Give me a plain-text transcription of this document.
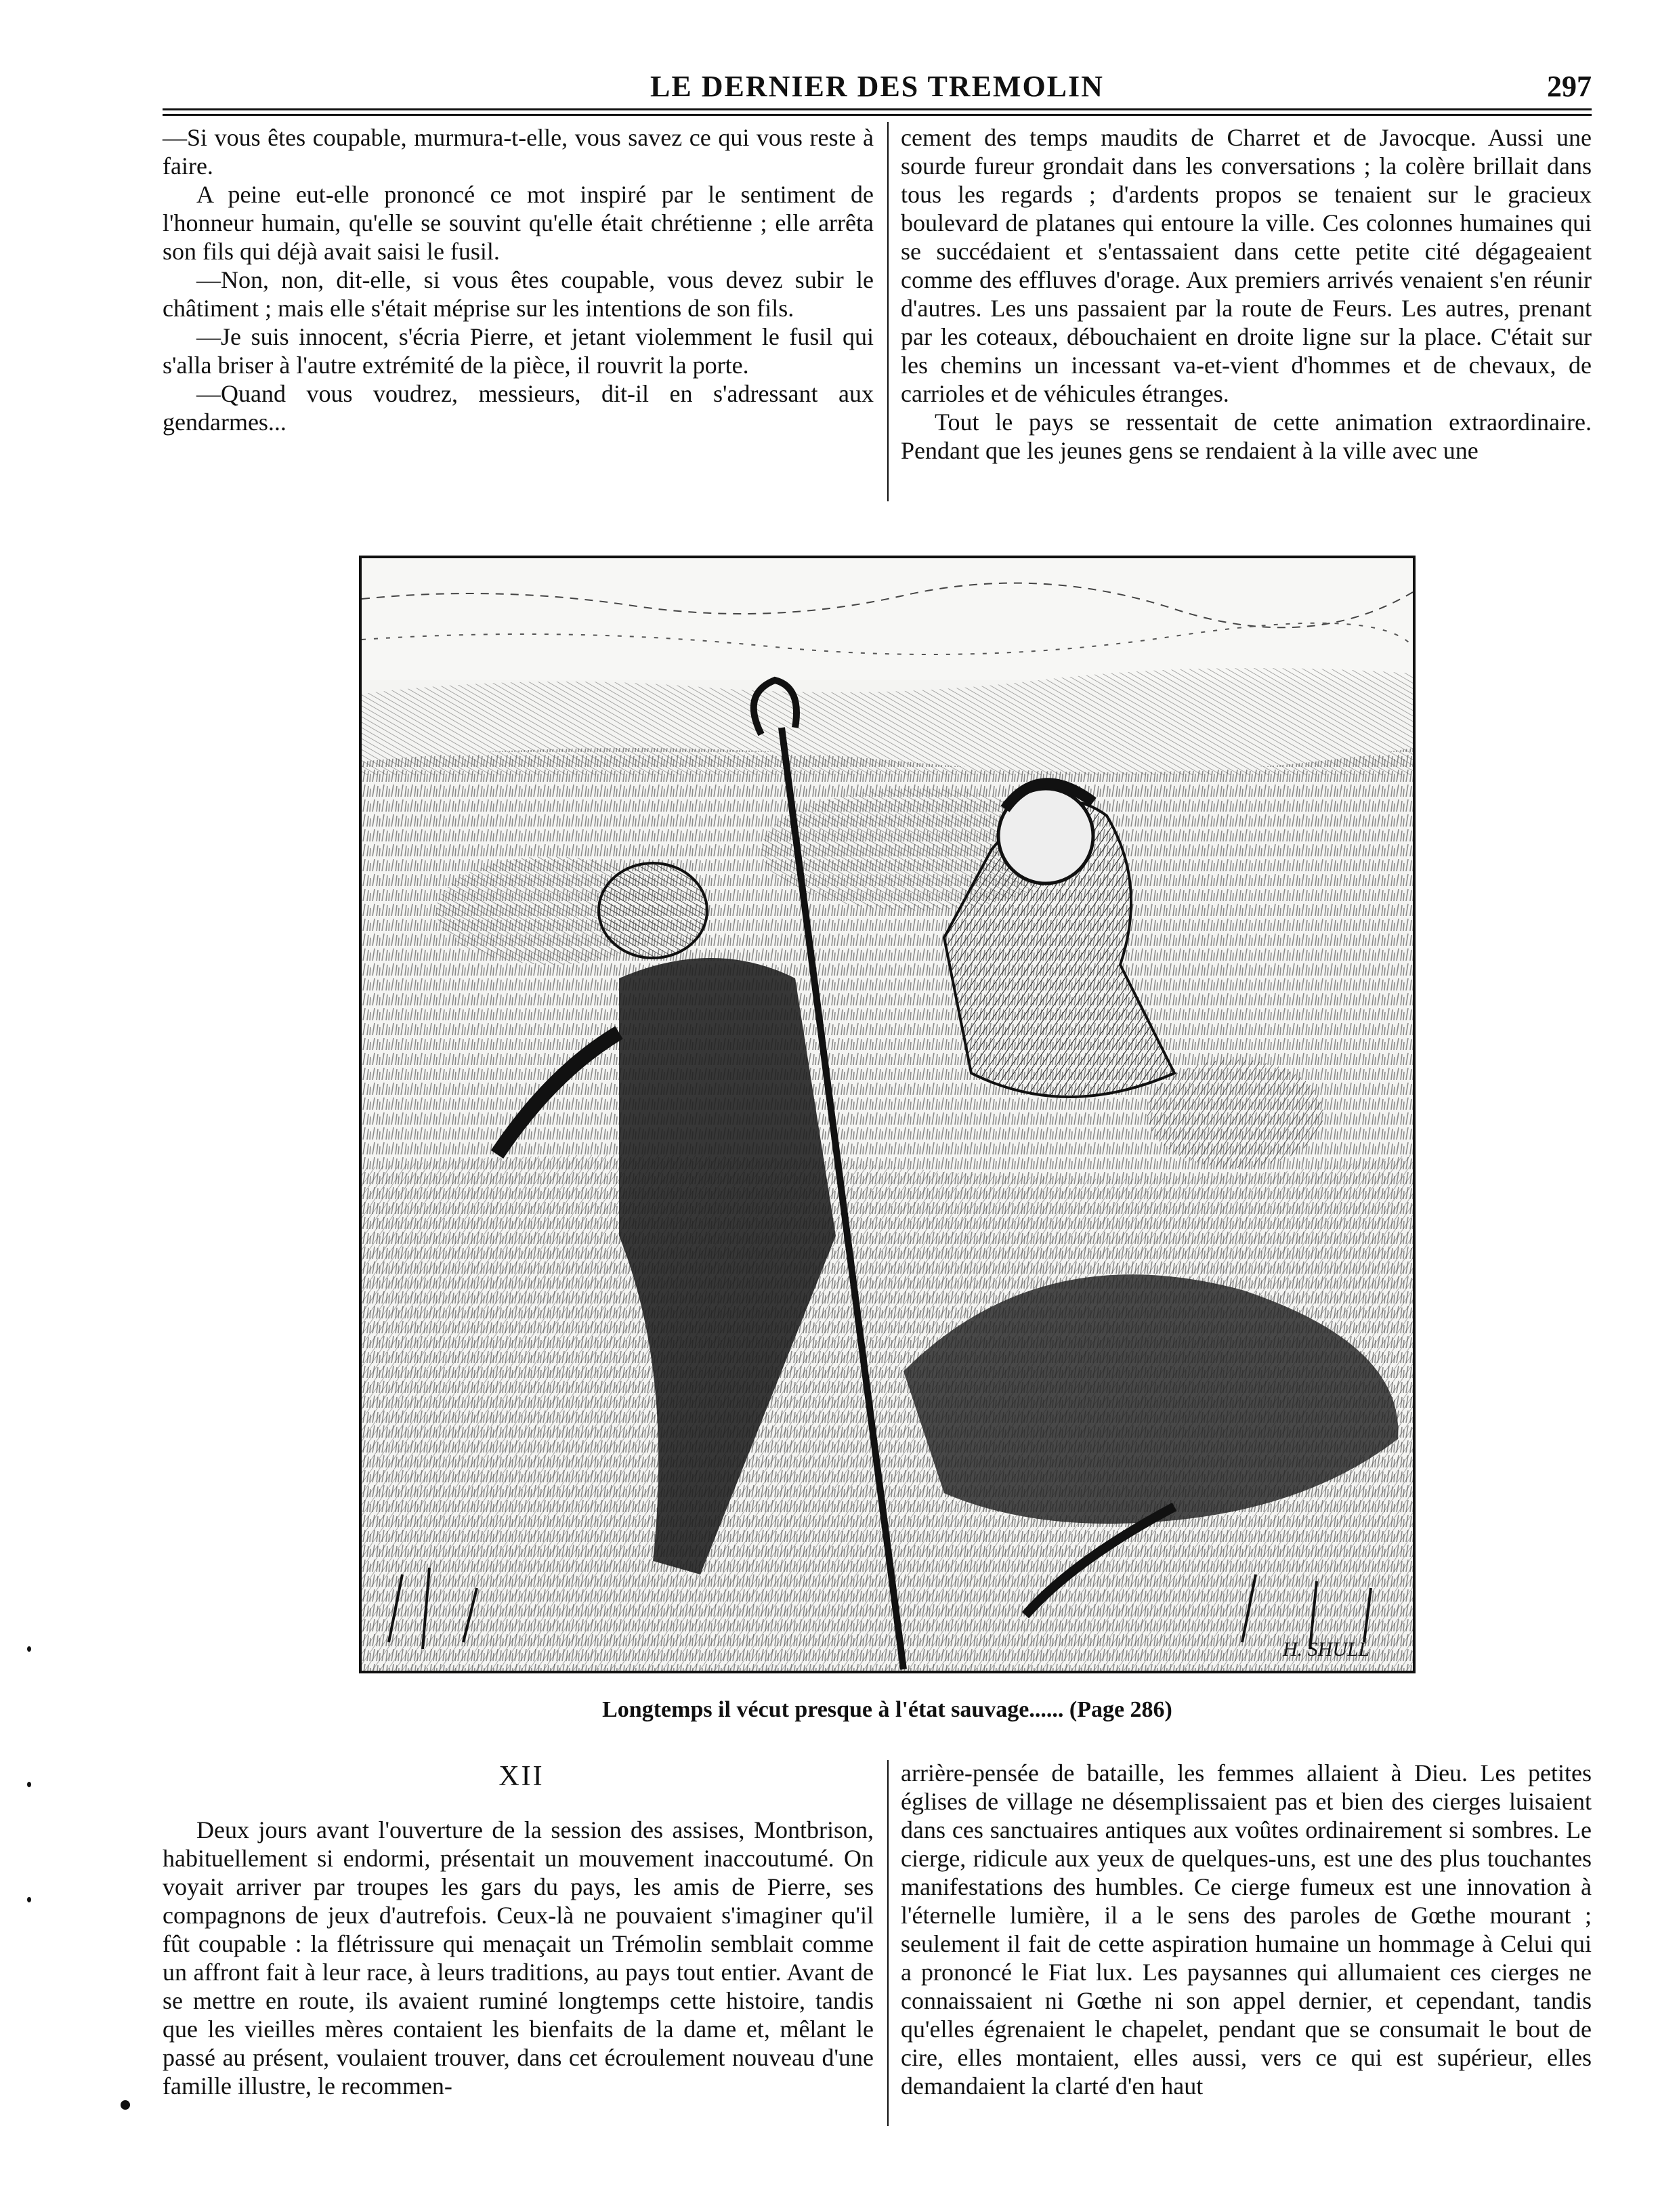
LE DERNIER DES TREMOLIN	297

—Si vous êtes coupable, murmura-t-elle, vous savez ce qui vous reste à faire.

A peine eut-elle prononcé ce mot inspiré par le sentiment de l'honneur humain, qu'elle se souvint qu'elle était chrétienne ; elle arrêta son fils qui déjà avait saisi le fusil.

—Non, non, dit-elle, si vous êtes coupable, vous devez subir le châtiment ; mais elle s'était méprise sur les intentions de son fils.

—Je suis innocent, s'écria Pierre, et jetant violemment le fusil qui s'alla briser à l'autre extrémité de la pièce, il rouvrit la porte.

—Quand vous voudrez, messieurs, dit-il en s'adressant aux gendarmes...

cement des temps maudits de Charret et de Javocque. Aussi une sourde fureur grondait dans les conversations ; la colère brillait dans tous les regards ; d'ardents propos se tenaient sur le gracieux boulevard de platanes qui entoure la ville. Ces colonnes humaines qui se succédaient et s'entassaient dans cette petite cité dégageaient comme des effluves d'orage. Aux premiers arrivés venaient s'en réunir d'autres. Les uns passaient par la route de Feurs. Les autres, prenant par les coteaux, débouchaient en droite ligne sur la place. C'était sur les chemins un incessant va-et-vient d'hommes et de chevaux, de carrioles et de véhicules étranges.

Tout le pays se ressentait de cette animation extraordinaire. Pendant que les jeunes gens se rendaient à la ville avec une

H. SHULL
Longtemps il vécut presque à l'état sauvage...... (Page 286)
XII

Deux jours avant l'ouverture de la session des assises, Montbrison, habituellement si endormi, présentait un mouvement inaccoutumé. On voyait arriver par troupes les gars du pays, les amis de Pierre, ses compagnons de jeux d'autrefois. Ceux-là ne pouvaient s'imaginer qu'il fût coupable : la flétrissure qui menaçait un Trémolin semblait comme un affront fait à leur race, à leurs traditions, au pays tout entier. Avant de se mettre en route, ils avaient ruminé longtemps cette histoire, tandis que les vieilles mères contaient les bienfaits de la dame et, mêlant le passé au présent, voulaient trouver, dans cet écroulement nouveau d'une famille illustre, le recommen-

arrière-pensée de bataille, les femmes allaient à Dieu. Les petites églises de village ne désemplissaient pas et bien des cierges luisaient dans ces sanctuaires antiques aux voûtes ordinairement si sombres. Le cierge, ridicule aux yeux de quelques-uns, est une des plus touchantes manifestations des humbles. Ce cierge fumeux est une innovation à l'éternelle lumière, il a le sens des paroles de Gœthe mourant ; seulement il fait de cette aspiration humaine un hommage à Celui qui a prononcé le Fiat lux. Les paysannes qui allumaient ces cierges ne connaissaient ni Gœthe ni son appel dernier, et cependant, tandis qu'elles égrenaient le chapelet, pendant que se consumait le bout de cire, elles montaient, elles aussi, vers ce qui est supérieur, elles demandaient la clarté d'en haut
